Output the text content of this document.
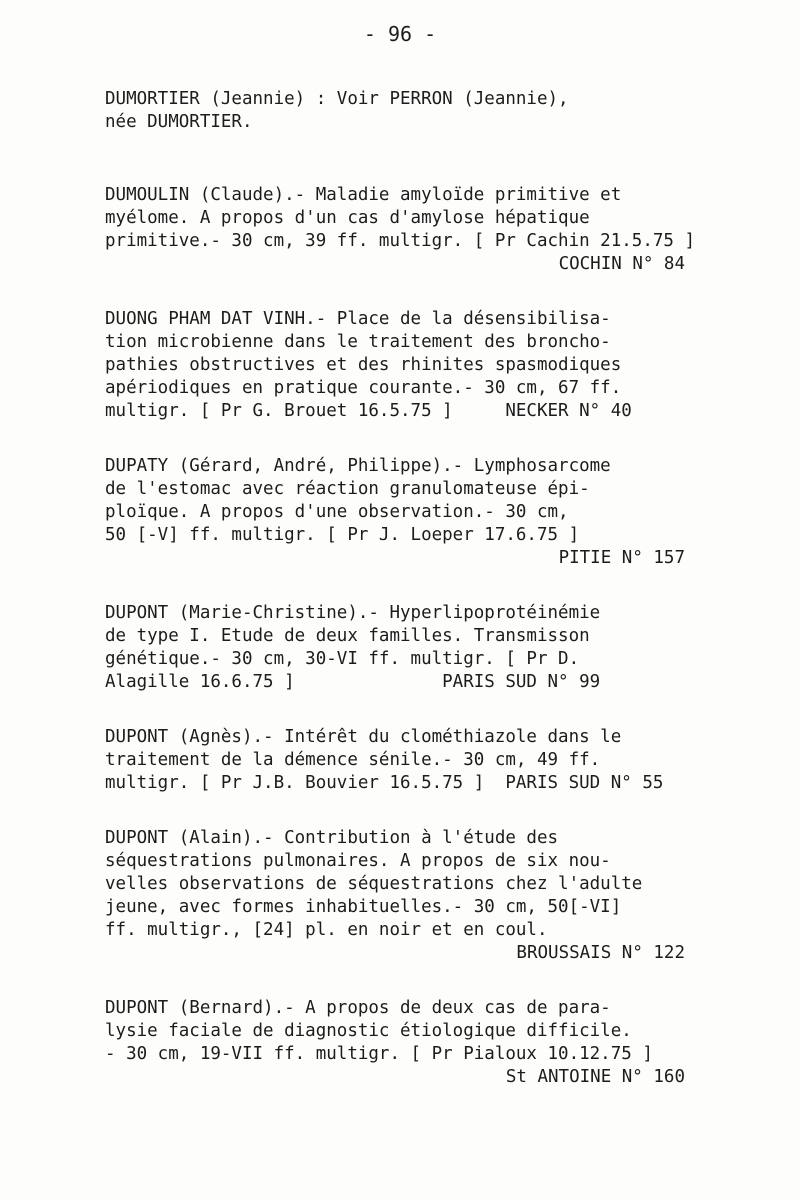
- 96 -
DUMORTIER (Jeannie) : Voir PERRON (Jeannie),
née DUMORTIER.
DUMOULIN (Claude).- Maladie amyloïde primitive et
myélome. A propos d'un cas d'amylose hépatique
primitive.- 30 cm, 39 ff. multigr. [ Pr Cachin 21.5.75 ]
COCHIN N° 84
DUONG PHAM DAT VINH.- Place de la désensibilisa-
tion microbienne dans le traitement des broncho-
pathies obstructives et des rhinites spasmodiques
apériodiques en pratique courante.- 30 cm, 67 ff.
multigr. [ Pr G. Brouet 16.5.75 ]     NECKER N° 40
DUPATY (Gérard, André, Philippe).- Lymphosarcome
de l'estomac avec réaction granulomateuse épi-
ploïque. A propos d'une observation.- 30 cm,
50 [-V] ff. multigr. [ Pr J. Loeper 17.6.75 ]
PITIE N° 157
DUPONT (Marie-Christine).- Hyperlipoprotéinémie
de type I. Etude de deux familles. Transmisson
génétique.- 30 cm, 30-VI ff. multigr. [ Pr D.
Alagille 16.6.75 ]              PARIS SUD N° 99
DUPONT (Agnès).- Intérêt du clométhiazole dans le
traitement de la démence sénile.- 30 cm, 49 ff.
multigr. [ Pr J.B. Bouvier 16.5.75 ]  PARIS SUD N° 55
DUPONT (Alain).- Contribution à l'étude des
séquestrations pulmonaires. A propos de six nou-
velles observations de séquestrations chez l'adulte
jeune, avec formes inhabituelles.- 30 cm, 50[-VI]
ff. multigr., [24] pl. en noir et en coul.
BROUSSAIS N° 122
DUPONT (Bernard).- A propos de deux cas de para-
lysie faciale de diagnostic étiologique difficile.
- 30 cm, 19-VII ff. multigr. [ Pr Pialoux 10.12.75 ]
St ANTOINE N° 160
